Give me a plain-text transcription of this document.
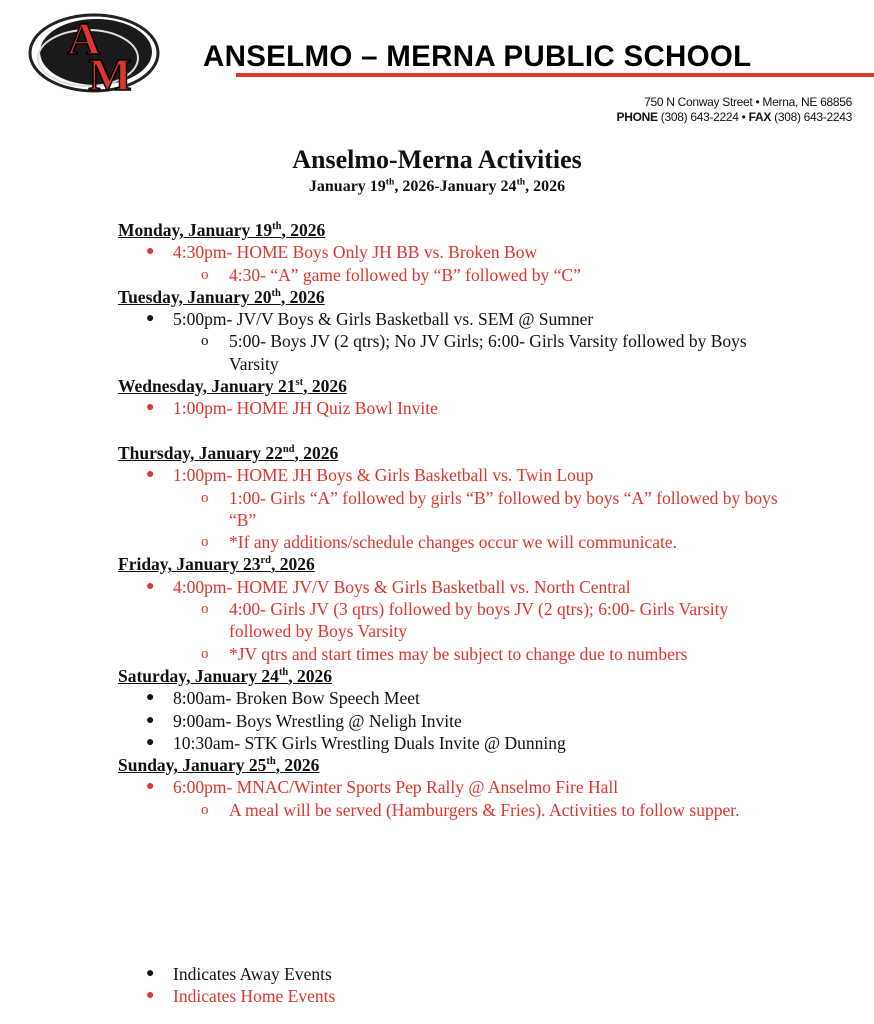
A
M ANSELMO – MERNA PUBLIC SCHOOL
750 N Conway Street • Merna, NE 68856
PHONE (308) 643-2224 • FAX (308) 643-2243
Anselmo-Merna Activities
January 19th, 2026-January 24th, 2026
Monday, January 19th, 2026
● 4:30pm- HOME Boys Only JH BB vs. Broken Bow
o 4:30- “A” game followed by “B” followed by “C”
Tuesday, January 20th, 2026
● 5:00pm- JV/V Boys & Girls Basketball vs. SEM @ Sumner
o 5:00- Boys JV (2 qtrs); No JV Girls; 6:00- Girls Varsity followed by Boys Varsity
Wednesday, January 21st, 2026
● 1:00pm- HOME JH Quiz Bowl Invite
Thursday, January 22nd, 2026
● 1:00pm- HOME JH Boys & Girls Basketball vs. Twin Loup
o 1:00- Girls “A” followed by girls “B” followed by boys “A” followed by boys “B”
o *If any additions/schedule changes occur we will communicate.
Friday, January 23rd, 2026
● 4:00pm- HOME JV/V Boys & Girls Basketball vs. North Central
o 4:00- Girls JV (3 qtrs) followed by boys JV (2 qtrs); 6:00- Girls Varsity followed by Boys Varsity
o *JV qtrs and start times may be subject to change due to numbers
Saturday, January 24th, 2026
● 8:00am- Broken Bow Speech Meet
● 9:00am- Boys Wrestling @ Neligh Invite
● 10:30am- STK Girls Wrestling Duals Invite @ Dunning
Sunday, January 25th, 2026
● 6:00pm- MNAC/Winter Sports Pep Rally @ Anselmo Fire Hall
o A meal will be served (Hamburgers & Fries). Activities to follow supper.
● Indicates Away Events
● Indicates Home Events
